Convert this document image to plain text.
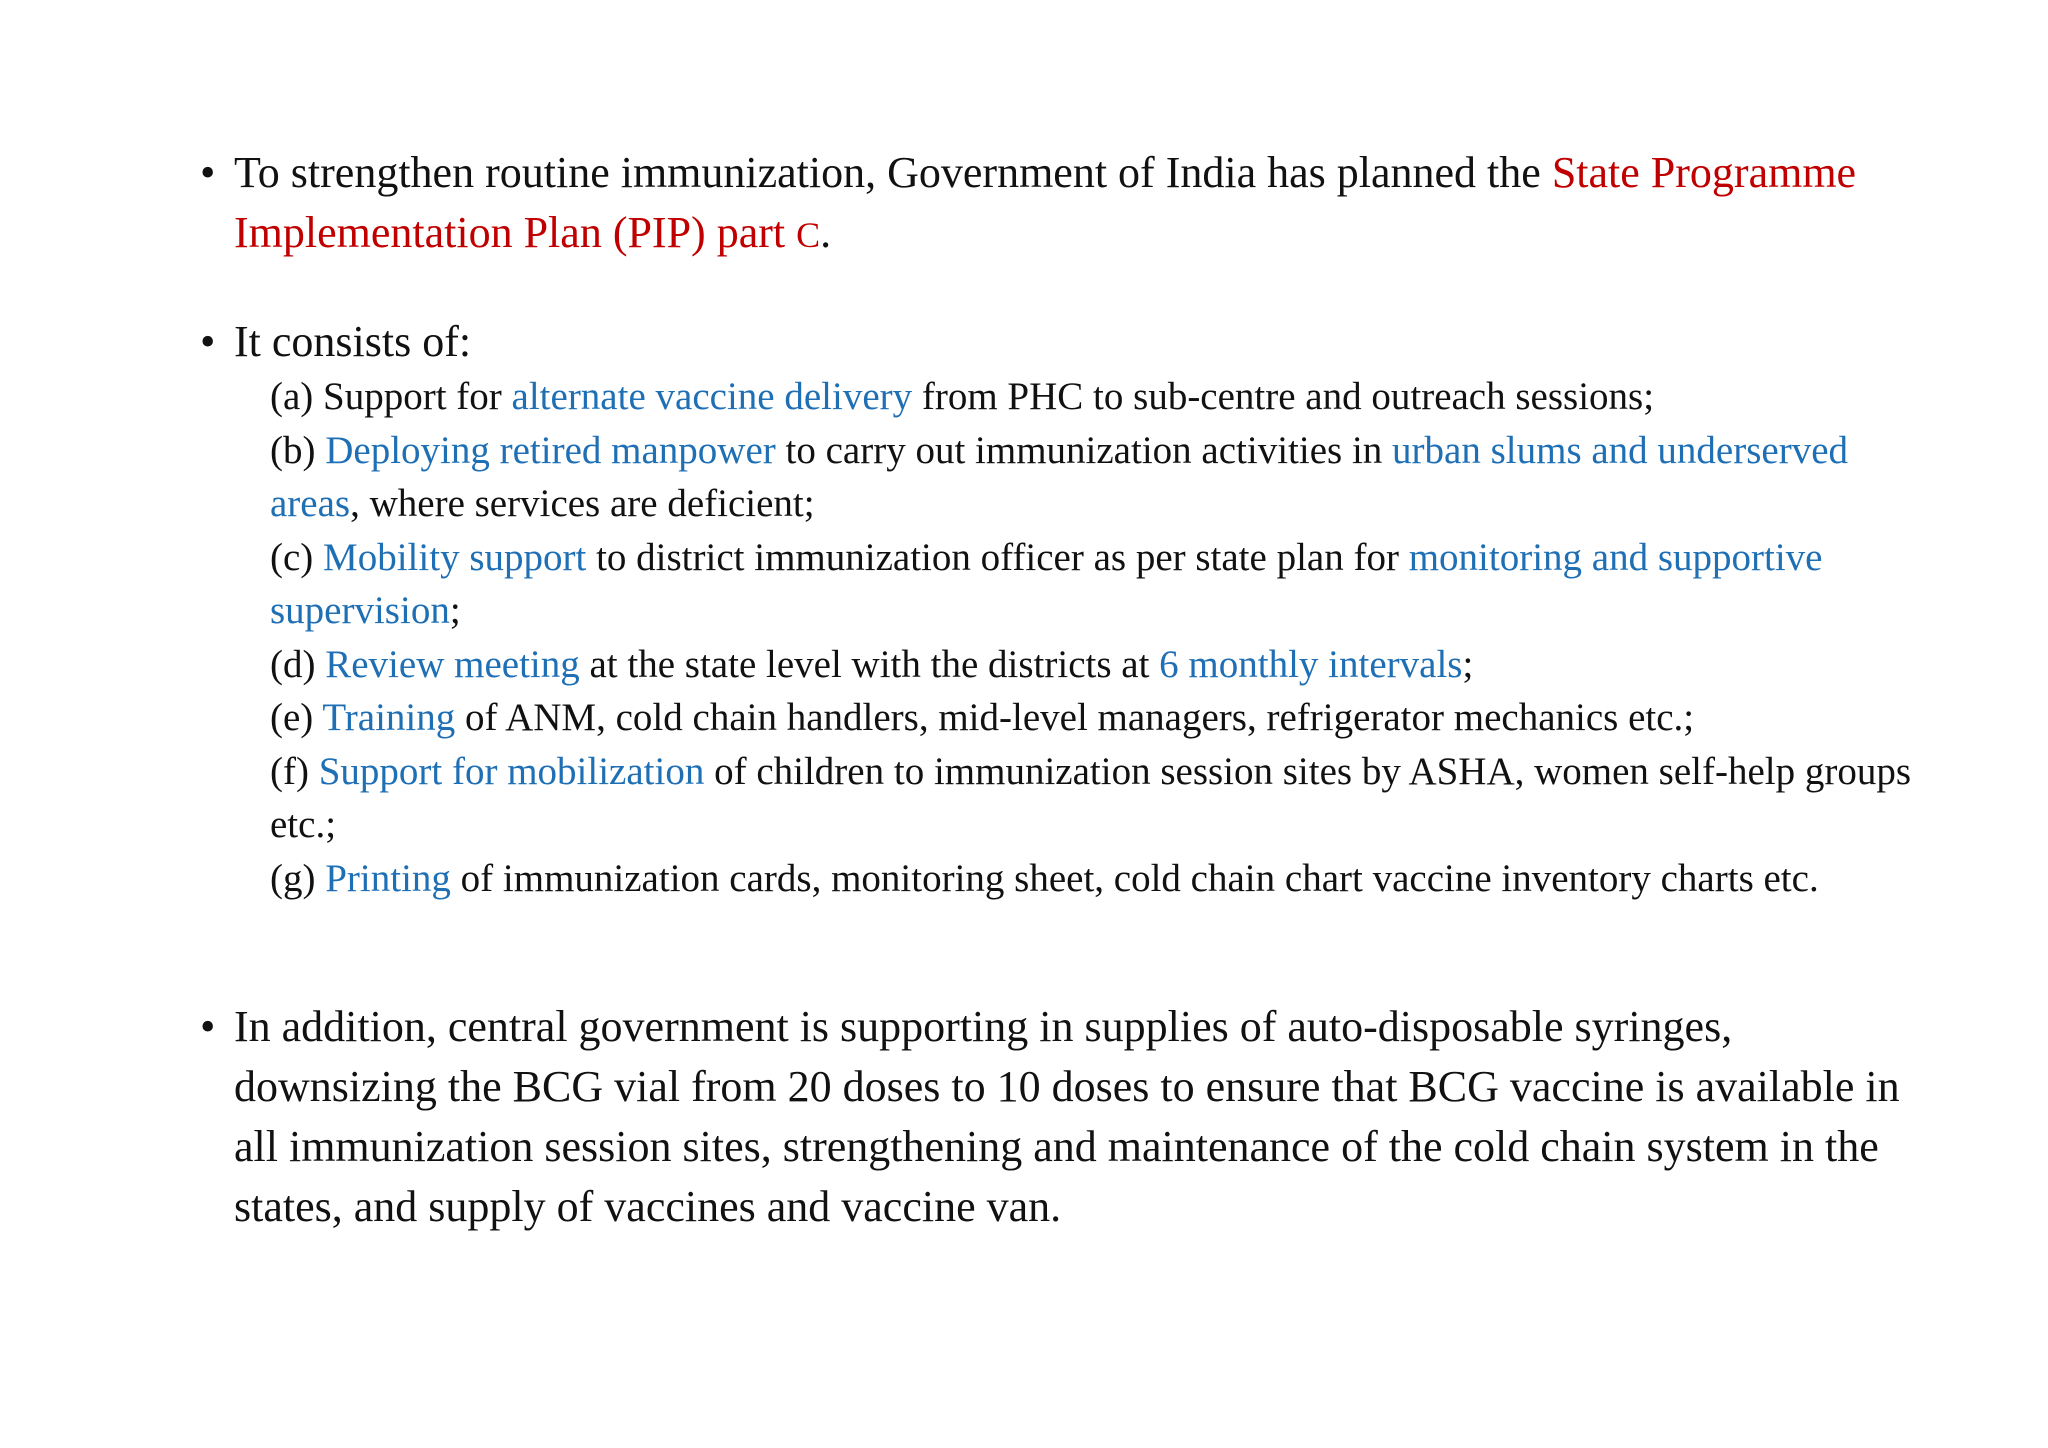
• To strengthen routine immunization, Government of India has planned the State Programme Implementation Plan (PIP) part C.
• It consists of:
(a) Support for alternate vaccine delivery from PHC to sub-centre and outreach sessions;
(b) Deploying retired manpower to carry out immunization activities in urban slums and underserved areas, where services are deficient;
(c) Mobility support to district immunization officer as per state plan for monitoring and supportive supervision;
(d) Review meeting at the state level with the districts at 6 monthly intervals;
(e) Training of ANM, cold chain handlers, mid-level managers, refrigerator mechanics etc.;
(f) Support for mobilization of children to immunization session sites by ASHA, women self-help groups etc.;
(g) Printing of immunization cards, monitoring sheet, cold chain chart vaccine inventory charts etc.
• In addition, central government is supporting in supplies of auto-disposable syringes, downsizing the BCG vial from 20 doses to 10 doses to ensure that BCG vaccine is available in all immunization session sites, strengthening and maintenance of the cold chain system in the states, and supply of vaccines and vaccine van.
